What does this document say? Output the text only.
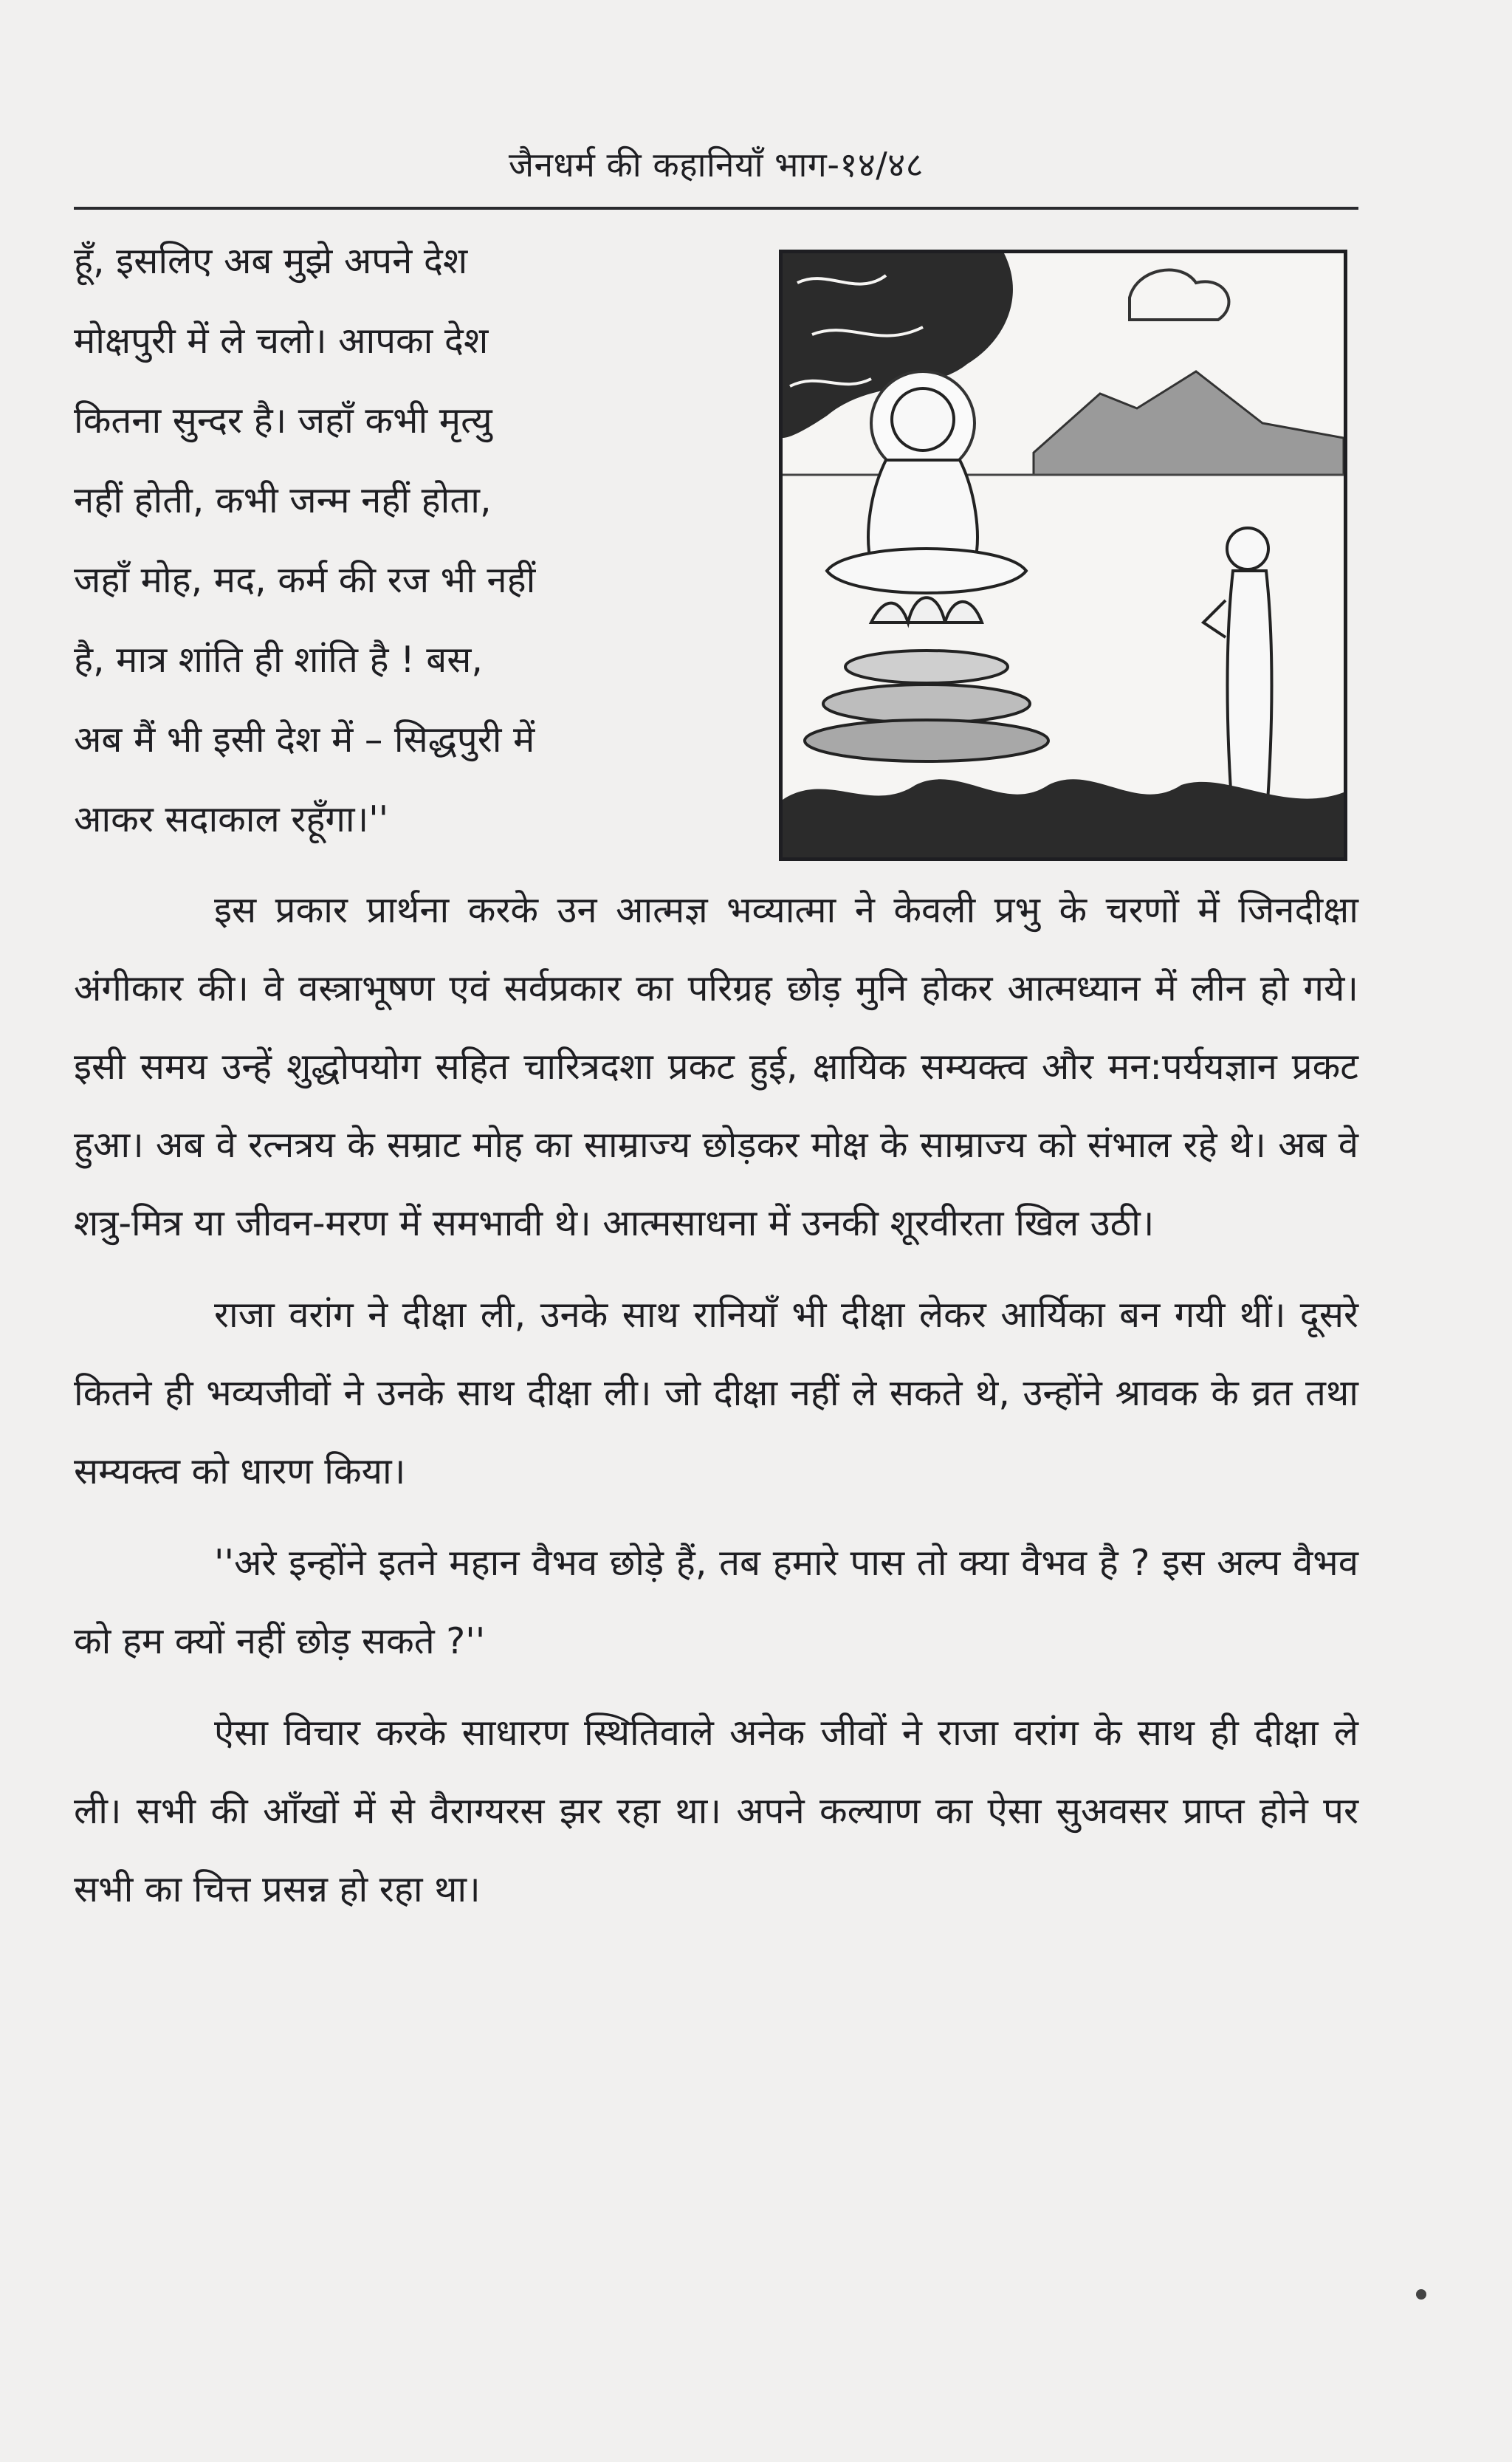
जैनधर्म की कहानियाँ भाग-१४/४८
हूँ, इसलिए अब मुझे अपने देश
मोक्षपुरी में ले चलो। आपका देश
कितना सुन्दर है। जहाँ कभी मृत्यु
नहीं होती, कभी जन्म नहीं होता,
जहाँ मोह, मद, कर्म की रज भी नहीं
है, मात्र शांति ही शांति है ! बस,
अब मैं भी इसी देश में – सिद्धपुरी में
आकर सदाकाल रहूँगा।''

इस प्रकार प्रार्थना करके उन आत्मज्ञ भव्यात्मा ने केवली प्रभु के चरणों में जिनदीक्षा अंगीकार की। वे वस्त्राभूषण एवं सर्वप्रकार का परिग्रह छोड़ मुनि होकर आत्मध्यान में लीन हो गये। इसी समय उन्हें शुद्धोपयोग सहित चारित्रदशा प्रकट हुई, क्षायिक सम्यक्त्व और मन:पर्ययज्ञान प्रकट हुआ। अब वे रत्नत्रय के सम्राट मोह का साम्राज्य छोड़कर मोक्ष के साम्राज्य को संभाल रहे थे। अब वे शत्रु-मित्र या जीवन-मरण में समभावी थे। आत्मसाधना में उनकी शूरवीरता खिल उठी।

राजा वरांग ने दीक्षा ली, उनके साथ रानियाँ भी दीक्षा लेकर आर्यिका बन गयी थीं। दूसरे कितने ही भव्यजीवों ने उनके साथ दीक्षा ली। जो दीक्षा नहीं ले सकते थे, उन्होंने श्रावक के व्रत तथा सम्यक्त्व को धारण किया।

''अरे इन्होंने इतने महान वैभव छोड़े हैं, तब हमारे पास तो क्या वैभव है ? इस अल्प वैभव को हम क्यों नहीं छोड़ सकते ?''

ऐसा विचार करके साधारण स्थितिवाले अनेक जीवों ने राजा वरांग के साथ ही दीक्षा ले ली। सभी की आँखों में से वैराग्यरस झर रहा था। अपने कल्याण का ऐसा सुअवसर प्राप्त होने पर सभी का चित्त प्रसन्न हो रहा था।
